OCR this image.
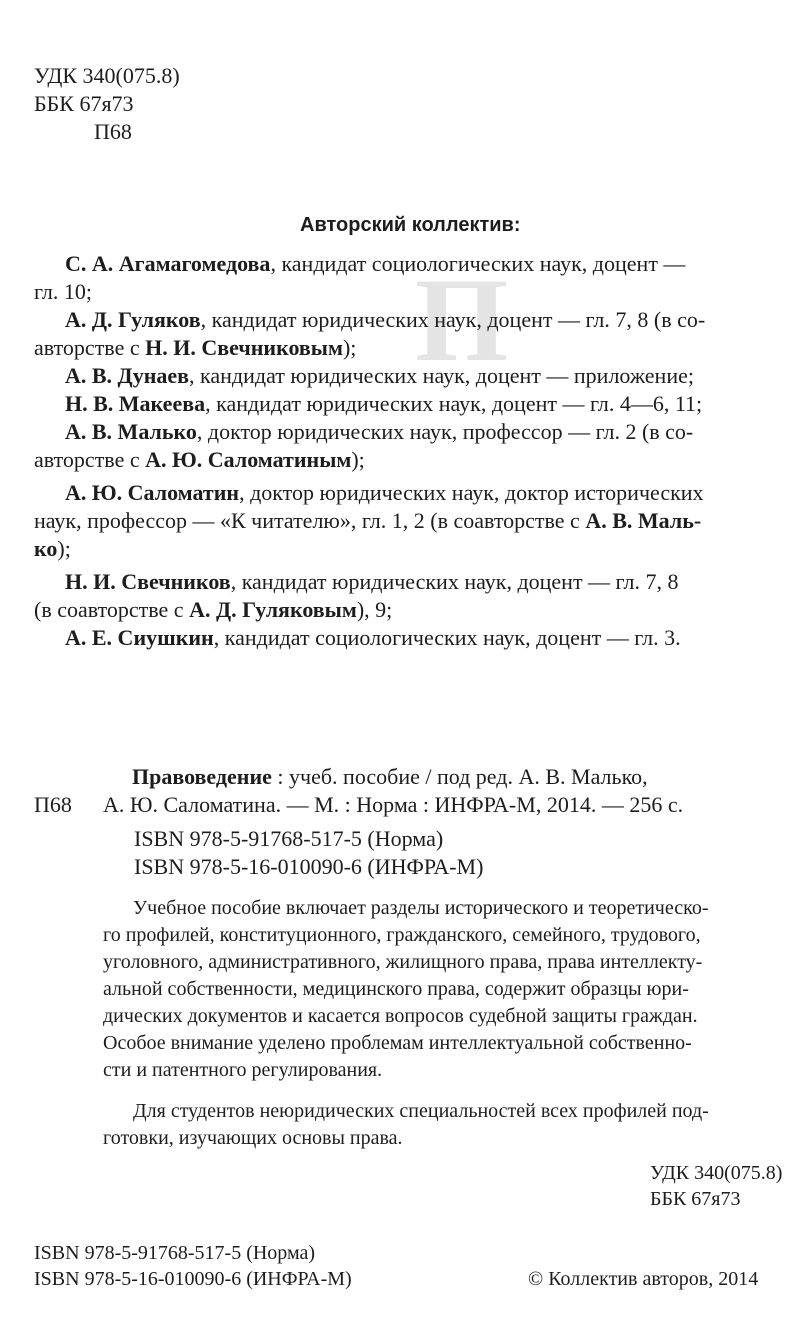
П
УДК 340(075.8)
ББК 67я73
П68
Авторский коллектив:
С. А. Агамагомедова, кандидат социологических наук, доцент —
гл. 10;
А. Д. Гуляков, кандидат юридических наук, доцент — гл. 7, 8 (в со-
авторстве с Н. И. Свечниковым);
А. В. Дунаев, кандидат юридических наук, доцент — приложение;
Н. В. Макеева, кандидат юридических наук, доцент — гл. 4—6, 11;
А. В. Малько, доктор юридических наук, профессор — гл. 2 (в со-
авторстве с А. Ю. Саломатиным);
А. Ю. Саломатин, доктор юридических наук, доктор исторических
наук, профессор — «К читателю», гл. 1, 2 (в соавторстве с А. В. Маль-
ко);
Н. И. Свечников, кандидат юридических наук, доцент — гл. 7, 8
(в соавторстве с А. Д. Гуляковым), 9;
А. Е. Сиушкин, кандидат социологических наук, доцент — гл. 3.
Правоведение : учеб. пособие / под ред. А. В. Малько,
П68 А. Ю. Саломатина. — М. : Норма : ИНФРА-М, 2014. — 256 с.
ISBN 978-5-91768-517-5 (Норма)
ISBN 978-5-16-010090-6 (ИНФРА-М)
Учебное пособие включает разделы исторического и теоретическо-
го профилей, конституционного, гражданского, семейного, трудового,
уголовного, административного, жилищного права, права интеллекту-
альной собственности, медицинского права, содержит образцы юри-
дических документов и касается вопросов судебной защиты граждан.
Особое внимание уделено проблемам интеллектуальной собственно-
сти и патентного регулирования.
Для студентов неюридических специальностей всех профилей под-
готовки, изучающих основы права.
УДК 340(075.8)
ББК 67я73
ISBN 978-5-91768-517-5 (Норма)
ISBN 978-5-16-010090-6 (ИНФРА-М)	© Коллектив авторов, 2014
